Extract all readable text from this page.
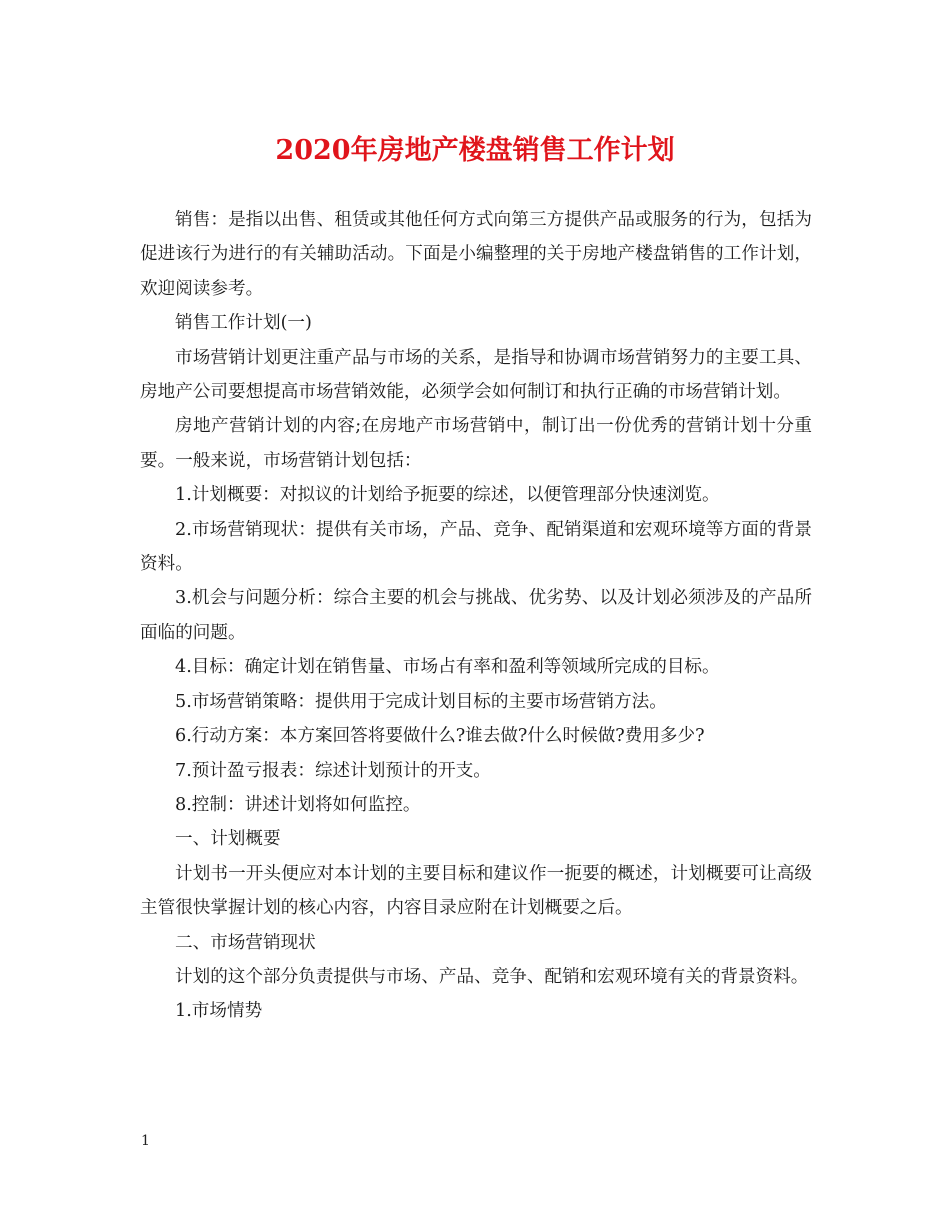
2020年房地产楼盘销售工作计划

销售：是指以出售、租赁或其他任何方式向第三方提供产品或服务的行为，包括为促进该行为进行的有关辅助活动。下面是小编整理的关于房地产楼盘销售的工作计划，欢迎阅读参考。

销售工作计划(一)

市场营销计划更注重产品与市场的关系，是指导和协调市场营销努力的主要工具、房地产公司要想提高市场营销效能，必须学会如何制订和执行正确的市场营销计划。

房地产营销计划的内容;在房地产市场营销中，制订出一份优秀的营销计划十分重要。一般来说，市场营销计划包括：

1.计划概要：对拟议的计划给予扼要的综述，以便管理部分快速浏览。

2.市场营销现状：提供有关市场，产品、竞争、配销渠道和宏观环境等方面的背景资料。

3.机会与问题分析：综合主要的机会与挑战、优劣势、以及计划必须涉及的产品所面临的问题。

4.目标：确定计划在销售量、市场占有率和盈利等领域所完成的目标。

5.市场营销策略：提供用于完成计划目标的主要市场营销方法。

6.行动方案：本方案回答将要做什么?谁去做?什么时候做?费用多少?

7.预计盈亏报表：综述计划预计的开支。

8.控制：讲述计划将如何监控。

一、计划概要

计划书一开头便应对本计划的主要目标和建议作一扼要的概述，计划概要可让高级主管很快掌握计划的核心内容，内容目录应附在计划概要之后。

二、市场营销现状

计划的这个部分负责提供与市场、产品、竞争、配销和宏观环境有关的背景资料。

1.市场情势

1
